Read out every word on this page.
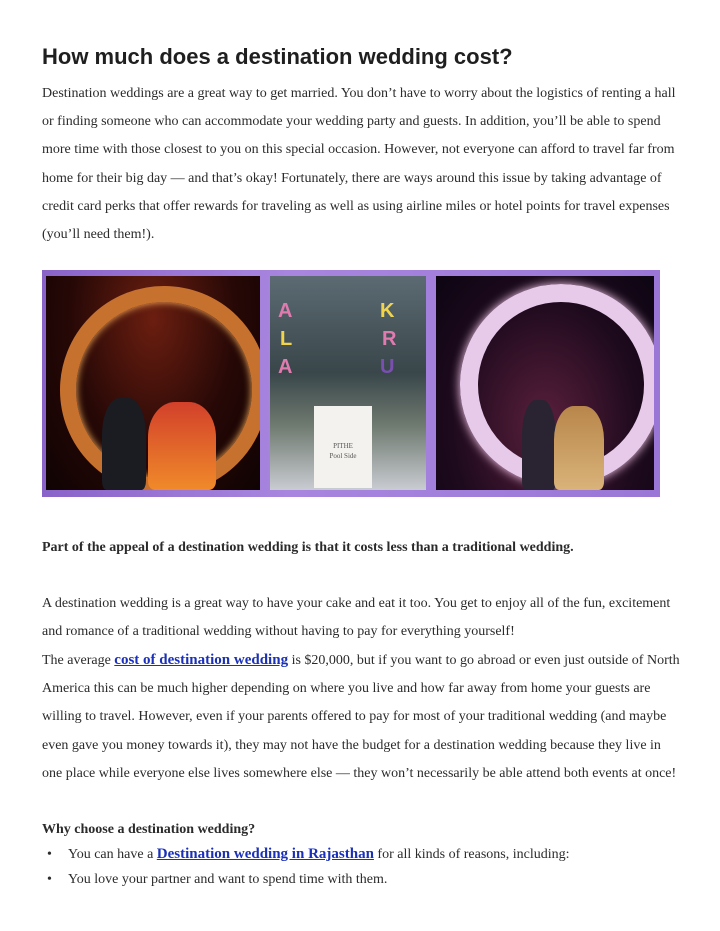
How much does a destination wedding cost?

Destination weddings are a great way to get married. You don’t have to worry about the logistics of renting a hall or finding someone who can accommodate your wedding party and guests. In addition, you’ll be able to spend more time with those closest to you on this special occasion. However, not everyone can afford to travel far from home for their big day — and that’s okay! Fortunately, there are ways around this issue by taking advantage of credit card perks that offer rewards for traveling as well as using airline miles or hotel points for travel expenses (you’ll need them!).

A
L
A
K
R
U
PITHE
Pool Side

Part of the appeal of a destination wedding is that it costs less than a traditional wedding.

A destination wedding is a great way to have your cake and eat it too. You get to enjoy all of the fun, excitement and romance of a traditional wedding without having to pay for everything yourself!

The average cost of destination wedding is $20,000, but if you want to go abroad or even just outside of North America this can be much higher depending on where you live and how far away from home your guests are willing to travel. However, even if your parents offered to pay for most of your traditional wedding (and maybe even gave you money towards it), they may not have the budget for a destination wedding because they live in one place while everyone else lives somewhere else — they won’t necessarily be able attend both events at once!

Why choose a destination wedding?

• You can have a Destination wedding in Rajasthan for all kinds of reasons, including:
• You love your partner and want to spend time with them.
